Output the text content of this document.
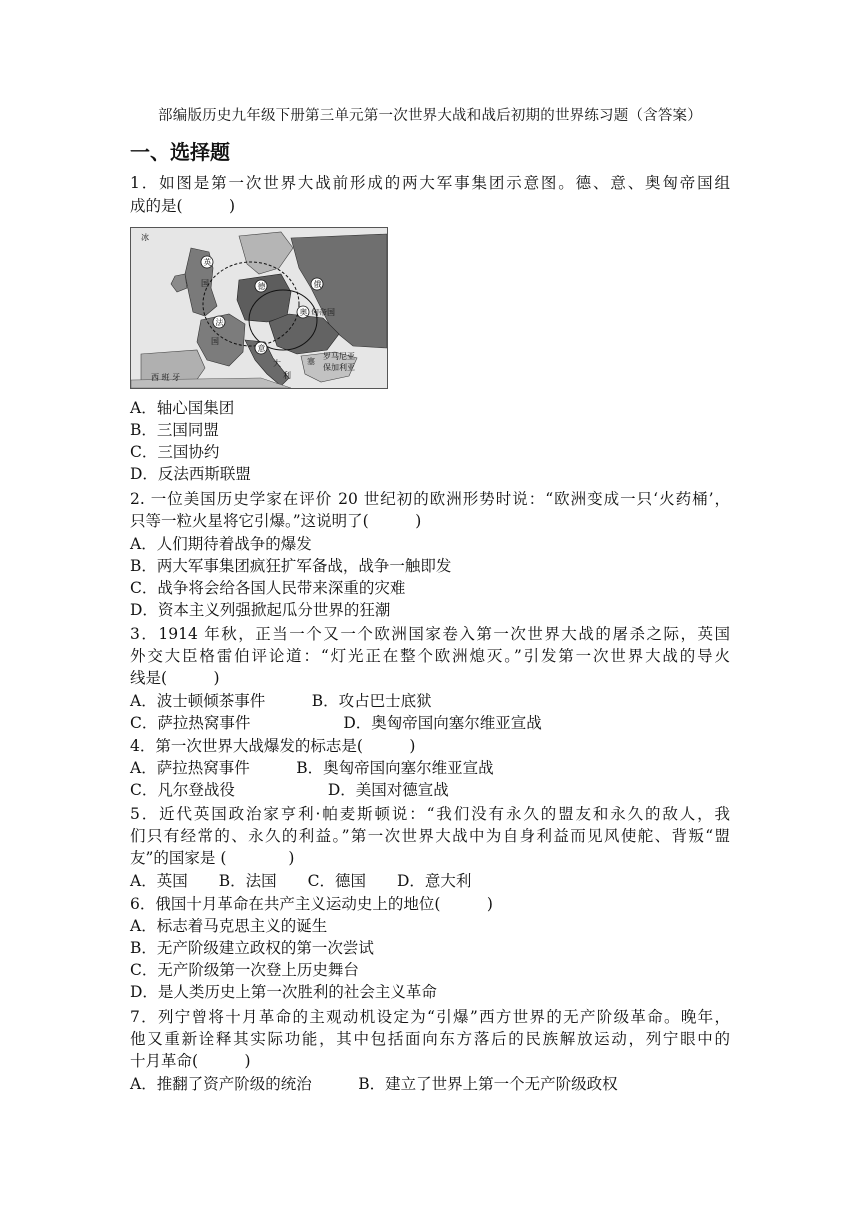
部编版历史九年级下册第三单元第一次世界大战和战后初期的世界练习题（含答案）
一、选择题
1．如图是第一次世界大战前形成的两大军事集团示意图。德、意、奥匈帝国组
成的是(　　　)
英
国
法
国
德	俄
奥 匈帝国
意
罗马尼亚
保加利亚
塞
西 班 牙
大
利
冰
A．轴心国集团
B．三国同盟
C．三国协约
D．反法西斯联盟
2. 一位美国历史学家在评价 20 世纪初的欧洲形势时说：“欧洲变成一只‘火药桶’，
只等一粒火星将它引爆。”这说明了(　　　)
A．人们期待着战争的爆发
B．两大军事集团疯狂扩军备战，战争一触即发
C．战争将会给各国人民带来深重的灾难
D．资本主义列强掀起瓜分世界的狂潮
3．1914 年秋，正当一个又一个欧洲国家卷入第一次世界大战的屠杀之际，英国
外交大臣格雷伯评论道：“灯光正在整个欧洲熄灭。”引发第一次世界大战的导火
线是(　　　)
A．波士顿倾茶事件　　　B．攻占巴士底狱
C．萨拉热窝事件　　　　　　D．奥匈帝国向塞尔维亚宣战
4．第一次世界大战爆发的标志是(　　　)
A．萨拉热窝事件　　　B．奥匈帝国向塞尔维亚宣战
C．凡尔登战役　　　　　　D．美国对德宣战
5．近代英国政治家亨利·帕麦斯顿说：“我们没有永久的盟友和永久的敌人，我
们只有经常的、永久的利益。”第一次世界大战中为自身利益而见风使舵、背叛“盟
友”的国家是 (　　　　)
A．英国　　B．法国　　C．德国　　D．意大利
6．俄国十月革命在共产主义运动史上的地位(　　　)
A．标志着马克思主义的诞生
B．无产阶级建立政权的第一次尝试
C．无产阶级第一次登上历史舞台
D．是人类历史上第一次胜利的社会主义革命
7．列宁曾将十月革命的主观动机设定为“引爆”西方世界的无产阶级革命。晚年，
他又重新诠释其实际功能，其中包括面向东方落后的民族解放运动，列宁眼中的
十月革命(　　　)
A．推翻了资产阶级的统治　　　B．建立了世界上第一个无产阶级政权
